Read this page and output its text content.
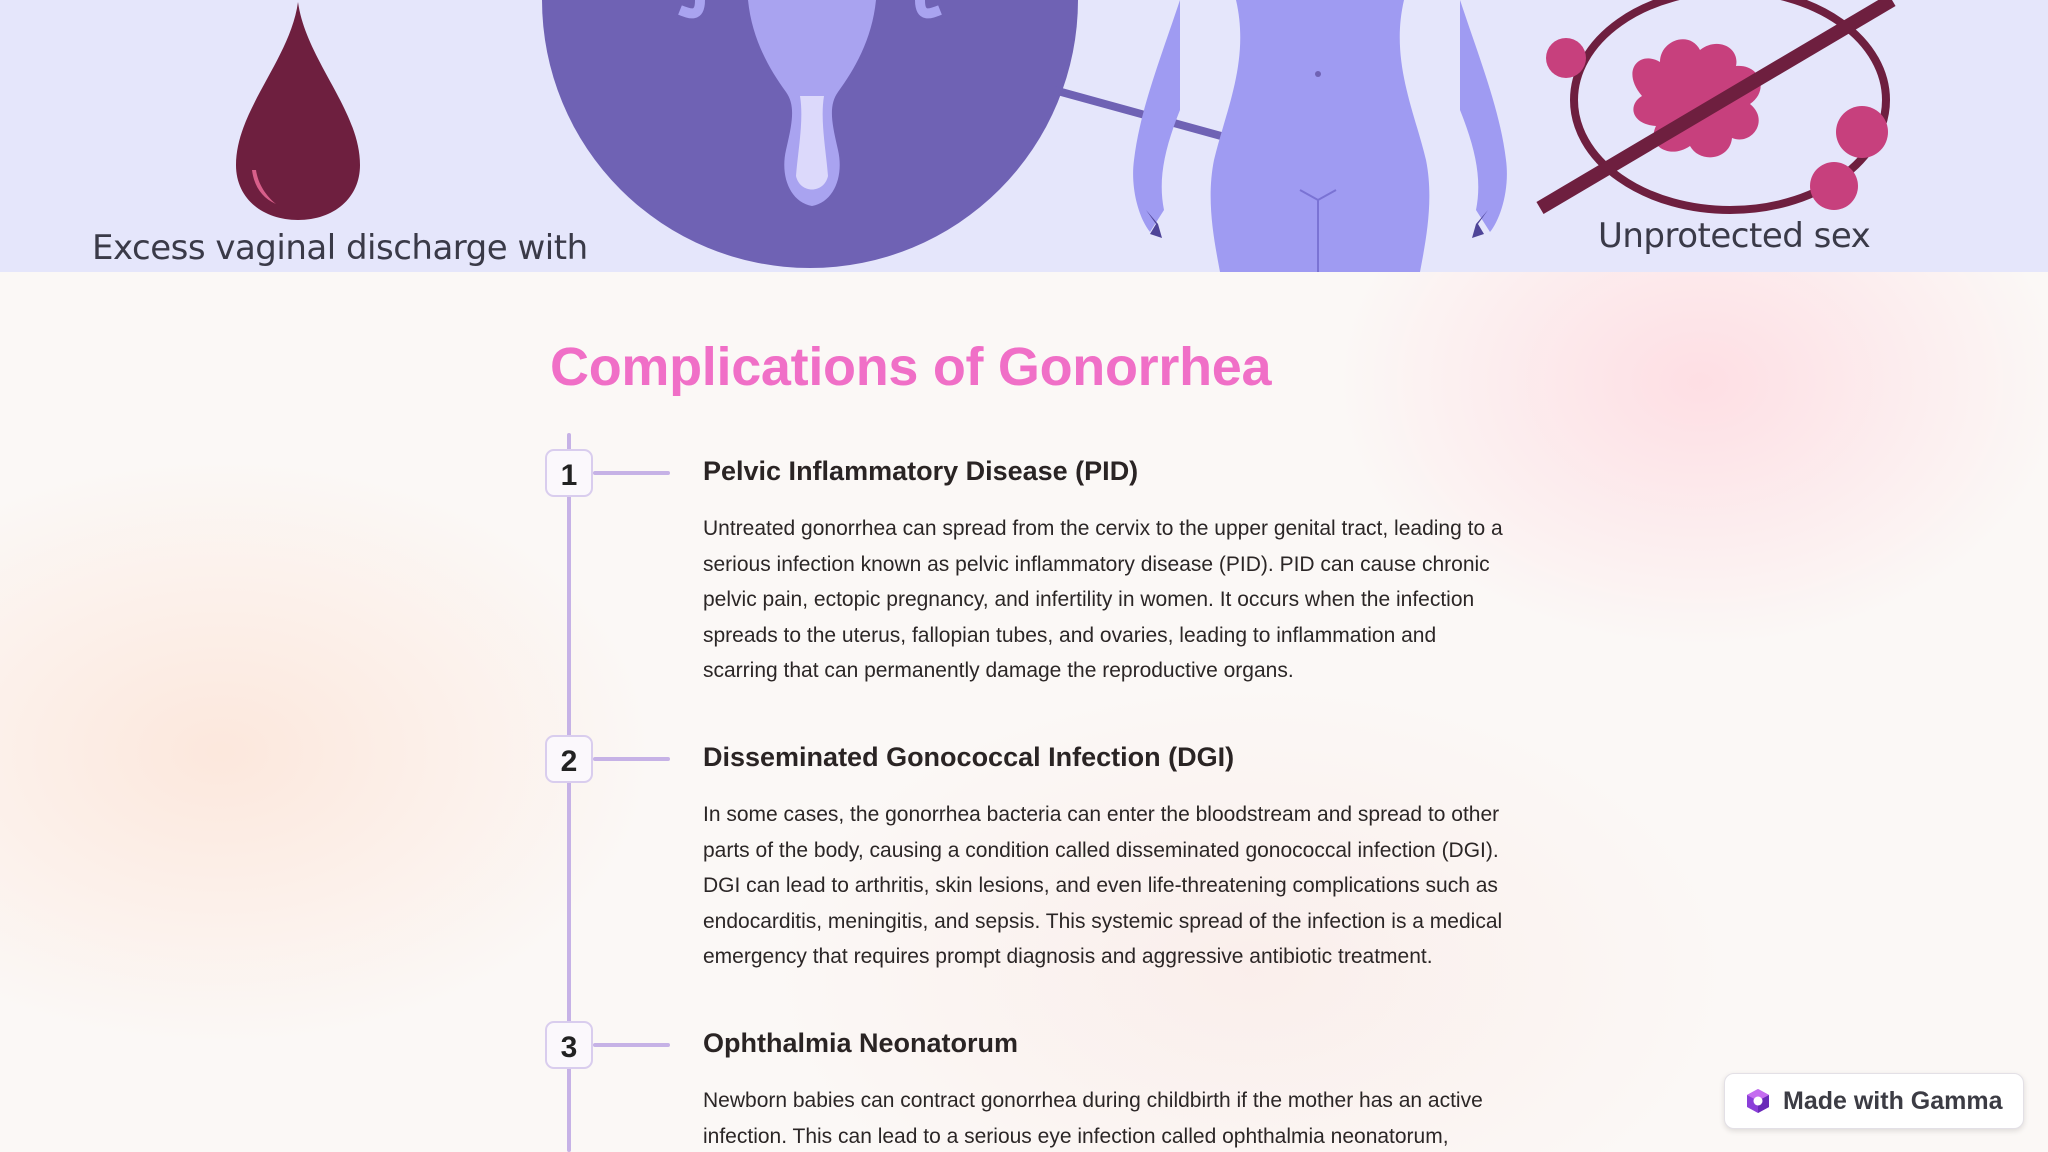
Excess vaginal discharge with	Unprotected sex
Complications of Gonorrhea
1	Pelvic Inflammatory Disease (PID)

Untreated gonorrhea can spread from the cervix to the upper genital tract, leading to a serious infection known as pelvic inflammatory disease (PID). PID can cause chronic pelvic pain, ectopic pregnancy, and infertility in women. It occurs when the infection spreads to the uterus, fallopian tubes, and ovaries, leading to inflammation and scarring that can permanently damage the reproductive organs.

2	Disseminated Gonococcal Infection (DGI)

In some cases, the gonorrhea bacteria can enter the bloodstream and spread to other parts of the body, causing a condition called disseminated gonococcal infection (DGI). DGI can lead to arthritis, skin lesions, and even life-threatening complications such as endocarditis, meningitis, and sepsis. This systemic spread of the infection is a medical emergency that requires prompt diagnosis and aggressive antibiotic treatment.

3	Ophthalmia Neonatorum

Newborn babies can contract gonorrhea during childbirth if the mother has an active infection. This can lead to a serious eye infection called ophthalmia neonatorum,

Made with Gamma
